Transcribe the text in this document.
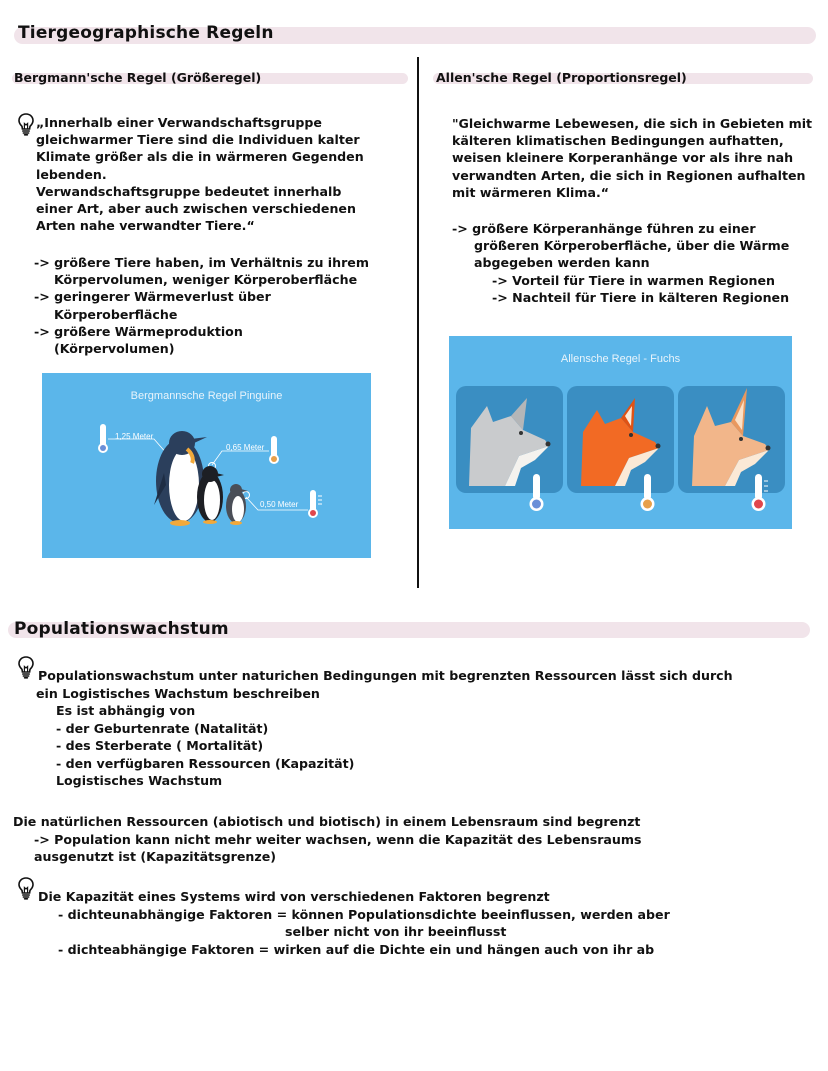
Tiergeographische Regeln
Bergmann'sche Regel (Größeregel)
„Innerhalb einer Verwandschaftsgruppe
gleichwarmer Tiere sind die Individuen kalter
Klimate größer als die in wärmeren Gegenden
lebenden.
Verwandschaftsgruppe bedeutet innerhalb
einer Art, aber auch zwischen verschiedenen
Arten nahe verwandter Tiere.“
-> größere Tiere haben, im Verhältnis zu ihrem
Körpervolumen, weniger Körperoberfläche
-> geringerer Wärmeverlust über
Körperoberfläche
-> größere Wärmeproduktion
(Körpervolumen)
Bergmannsche Regel Pinguine
1,25 Meter
0,65 Meter
0,50 Meter
Allen'sche Regel (Proportionsregel)
"Gleichwarme Lebewesen, die sich in Gebieten mit
kälteren klimatischen Bedingungen aufhatten,
weisen kleinere Korperanhänge vor als ihre nah
verwandten Arten, die sich in Regionen aufhalten
mit wärmeren Klima.“
-> größere Körperanhänge führen zu einer
größeren Körperoberfläche, über die Wärme
abgegeben werden kann
-> Vorteil für Tiere in warmen Regionen
-> Nachteil für Tiere in kälteren Regionen
Allensche Regel - Fuchs
Populationswachstum
Populationswachstum unter naturichen Bedingungen mit begrenzten Ressourcen lässt sich durch
ein Logistisches Wachstum beschreiben
Es ist abhängig von
- der Geburtenrate (Natalität)
- des Sterberate ( Mortalität)
- den verfügbaren Ressourcen (Kapazität)
Logistisches Wachstum
Die natürlichen Ressourcen (abiotisch und biotisch) in einem Lebensraum sind begrenzt
-> Population kann nicht mehr weiter wachsen, wenn die Kapazität des Lebensraums
ausgenutzt ist (Kapazitätsgrenze)
Die Kapazität eines Systems wird von verschiedenen Faktoren begrenzt
- dichteunabhängige Faktoren = können Populationsdichte beeinflussen, werden aber
selber nicht von ihr beeinflusst
- dichteabhängige Faktoren = wirken auf die Dichte ein und hängen auch von ihr ab
